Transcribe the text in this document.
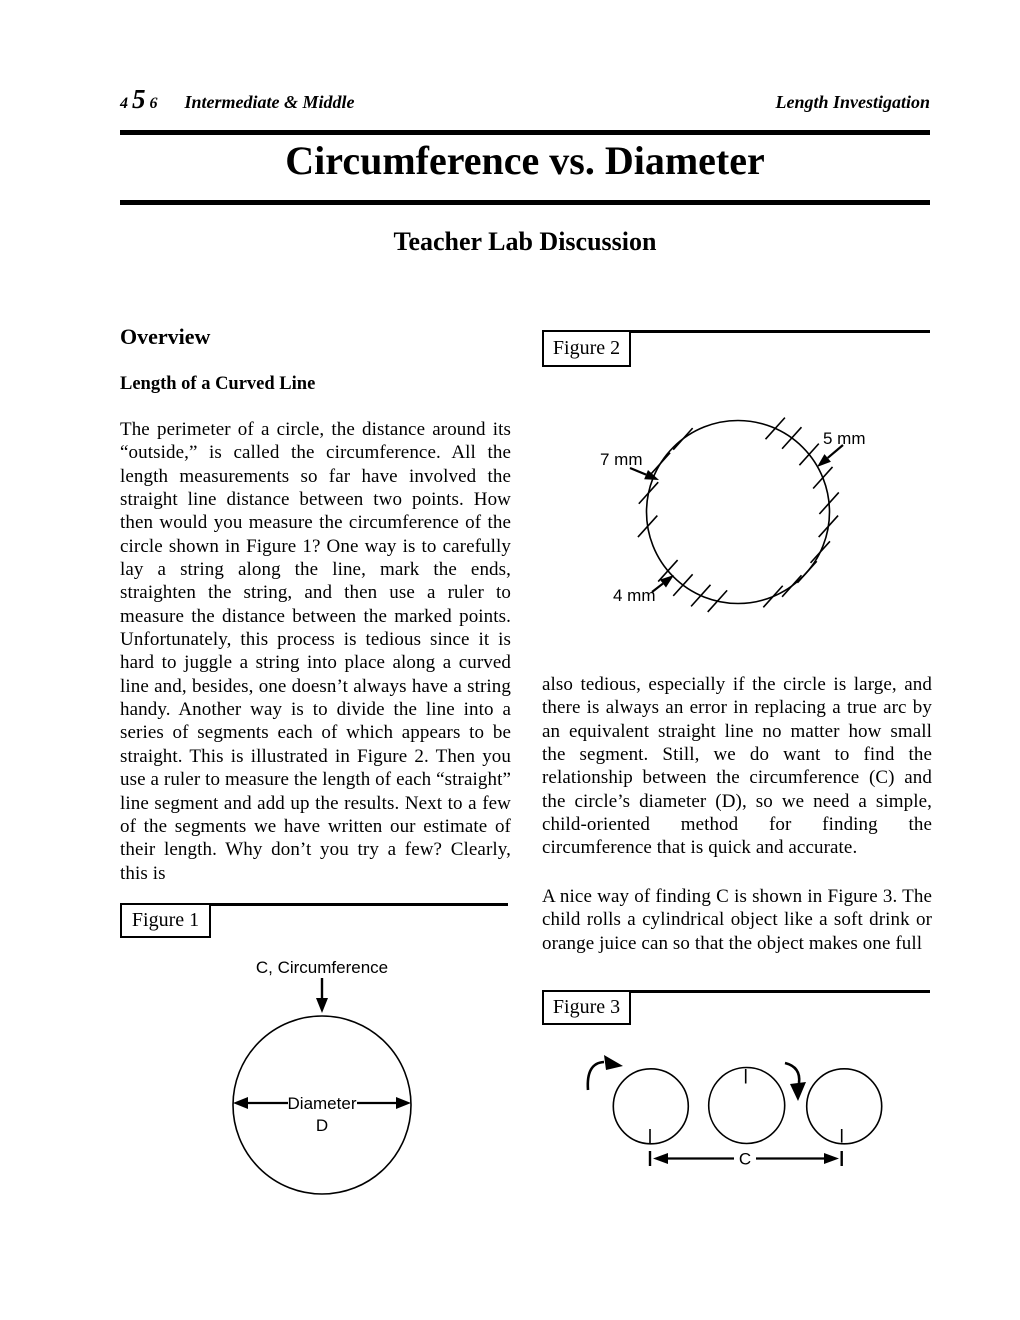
4 5 6 Intermediate & Middle	Length Investigation
Circumference vs. Diameter
Teacher Lab Discussion
Overview
Length of a Curved Line
The perimeter of a circle, the distance around its “outside,” is called the circumference. All the length measurements so far have involved the straight line distance between two points. How then would you measure the circumference of the circle shown in Figure 1? One way is to carefully lay a string along the line, mark the ends, straighten the string, and then use a ruler to measure the distance between the marked points. Unfortunately, this process is tedious since it is hard to juggle a string into place along a curved line and, besides, one doesn’t always have a string handy. Another way is to divide the line into a series of segments each of which appears to be straight. This is illustrated in Figure 2. Then you use a ruler to measure the length of each “straight” line segment and add up the results. Next to a few of the segments we have written our estimate of their length. Why don’t you try a few? Clearly, this is
also tedious, especially if the circle is large, and there is always an error in replacing a true arc by an equivalent straight line no matter how small the segment. Still, we do want to find the relationship between the circumference (C) and the circle’s diameter (D), so we need a simple, child-oriented method for finding the circumference that is quick and accurate.
A nice way of finding C is shown in Figure 3. The child rolls a cylindrical object like a soft drink or orange juice can so that the object makes one full
Figure 2
5 mm
7 mm
4 mm
Figure 1
C, Circumference
Diameter
D
Figure 3
C
